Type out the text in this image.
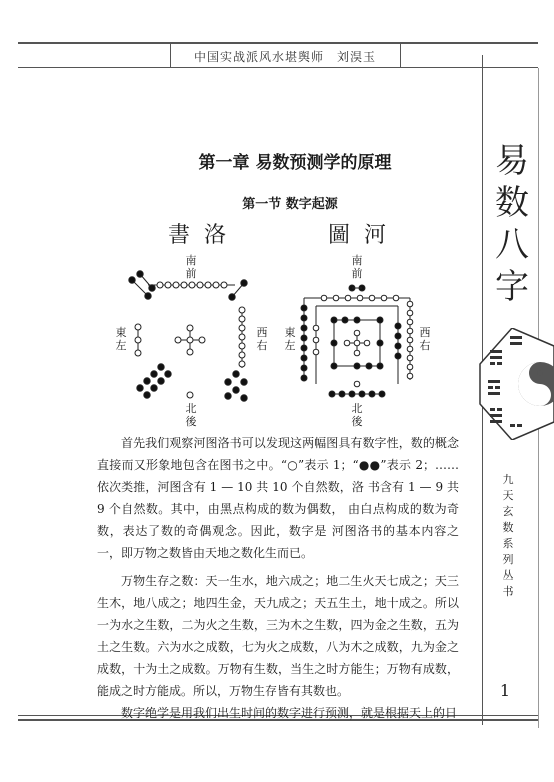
中国实战派风水堪舆师　刘淏玉
第一章 易数预测学的原理
第一节 数字起源
書洛
南前
北後
東左
西右
圖河
南前
北後
東左
西右

首先我们观察河图洛书可以发现这两幅图具有数字性，数的概念直接而又形象地包含在图书之中。“○”表示 1；“●●”表示 2；……依次类推，河图含有 1 — 10 共 10 个自然数，洛 书含有 1 — 9 共 9 个自然数。其中，由黑点构成的数为偶数， 由白点构成的数为奇数，表达了数的奇偶观念。因此，数字是 河图洛书的基本内容之一，即万物之数皆由天地之数化生而已。

万物生存之数：天一生水，地六成之；地二生火天七成之；天三生木，地八成之；地四生金，天九成之；天五生土，地十成之。所以一为水之生数，二为火之生数，三为木之生数，四为金之生数，五为土之生数。六为水之成数，七为火之成数，八为木之成数，九为金之成数，十为土之成数。万物有生数，当生之时方能生；万物有成数，能成之时方能成。所以，万物生存皆有其数也。

数字绝学是用我们出生时间的数字进行预测，就是根据天上的日

易
数
八
字
九
天
玄
数
系
列
丛
书
1
